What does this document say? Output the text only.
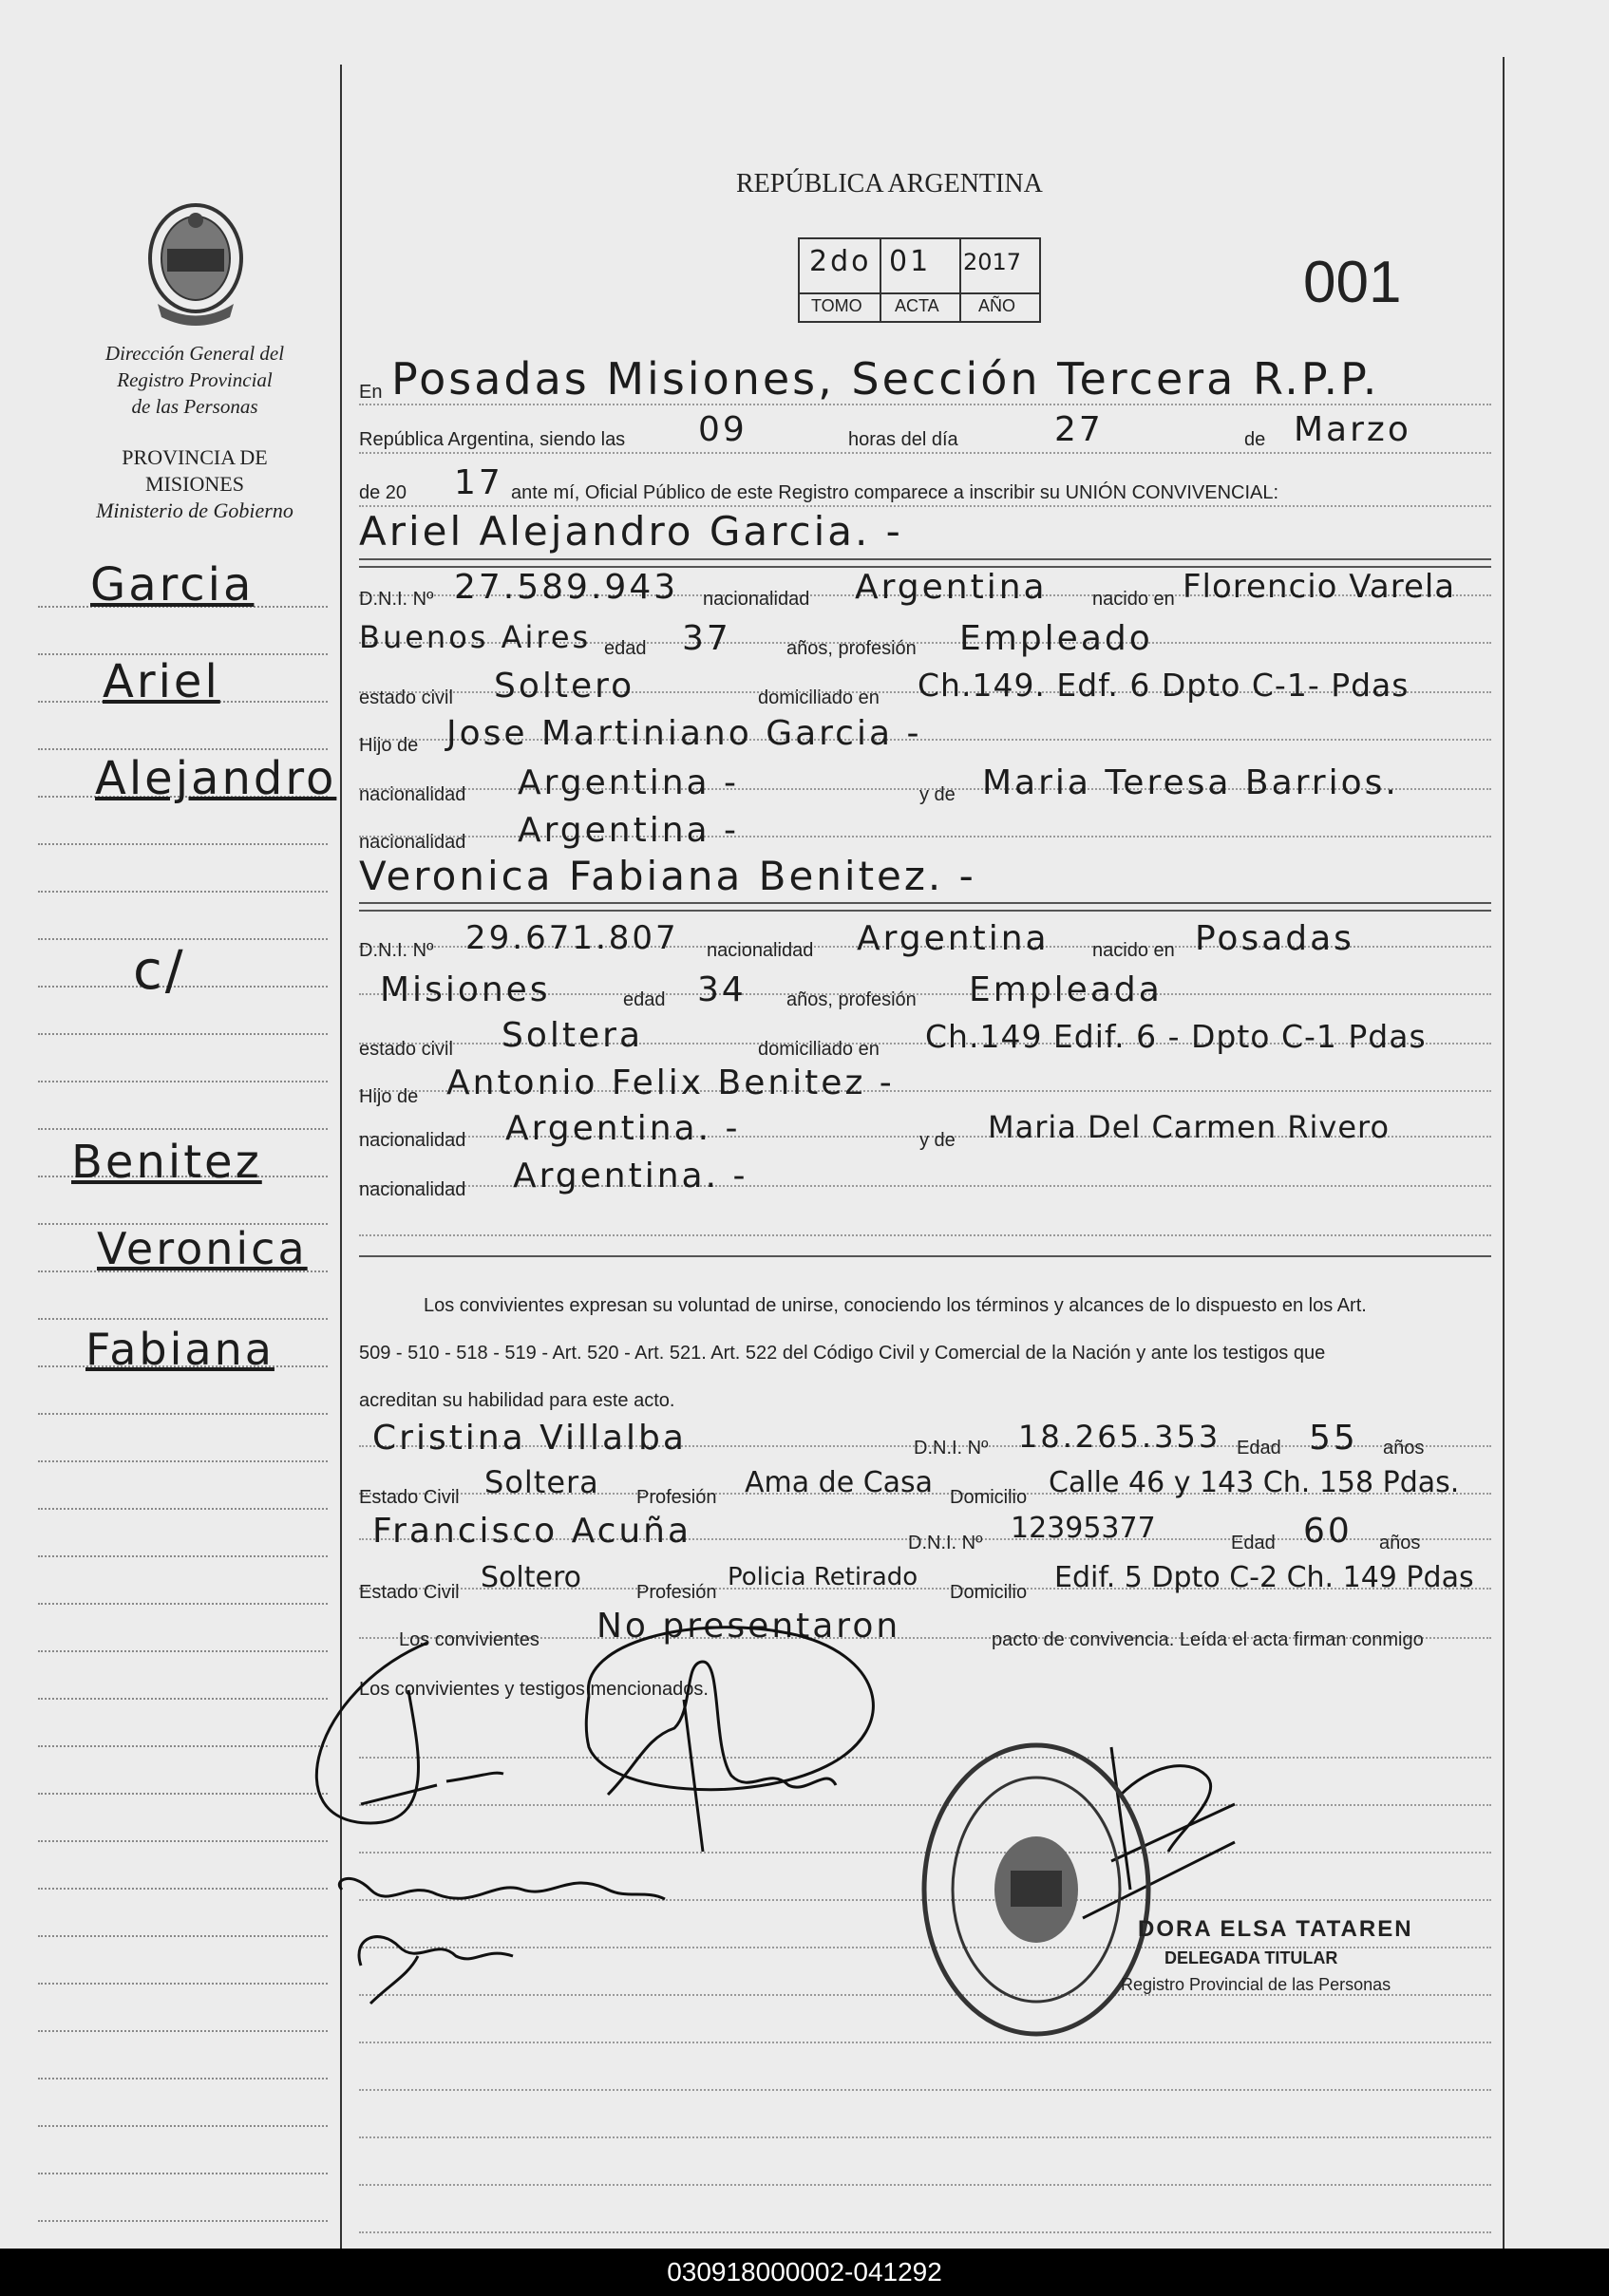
REPÚBLICA ARGENTINA
2do 01 2017
TOMO ACTA AÑO	001
Dirección General del
Registro Provincial
de las Personas
PROVINCIA DE
MISIONES
Ministerio de Gobierno
Garcia
Ariel
Alejandro
c/
Benitez
Veronica
Fabiana
En Posadas Misiones, Sección Tercera R.P.P.
República Argentina, siendo las 09	horas del día	27	de Marzo
de 20 17 ante mí, Oficial Público de este Registro comparece a inscribir su UNIÓN CONVIVENCIAL:
Ariel Alejandro Garcia. -
D.N.I. Nº 27.589.943 nacionalidad Argentina nacido en Florencio Varela
Buenos Aires edad 37	años, profesión Empleado
estado civil Soltero	domiciliado en Ch.149. Edf. 6 Dpto C-1- Pdas
Hijo de Jose Martiniano Garcia -
nacionalidad Argentina -	y de Maria Teresa Barrios.
nacionalidad Argentina -
Veronica Fabiana Benitez. -
D.N.I. Nº 29.671.807 nacionalidad Argentina nacido en Posadas
Misiones	edad 34 años, profesión Empleada
estado civil Soltera	domiciliado en Ch.149 Edif. 6 - Dpto C-1 Pdas
Hijo de Antonio Felix Benitez -
nacionalidad Argentina. -	y de Maria Del Carmen Rivero
nacionalidad Argentina. -
Los convivientes expresan su voluntad de unirse, conociendo los términos y alcances de lo dispuesto en los Art.
509 - 510 - 518 - 519 - Art. 520 - Art. 521. Art. 522 del Código Civil y Comercial de la Nación y ante los testigos que
acreditan su habilidad para este acto.
Cristina Villalba	D.N.I. Nº 18.265.353 Edad 55 años
Estado Civil Soltera Profesión Ama de Casa Domicilio Calle 46 y 143 Ch. 158 Pdas.
Francisco Acuña	D.N.I. Nº 12395377	Edad 60 años
Estado Civil Soltero	Profesión
Policia Retirado
Domicilio Edif. 5 Dpto C-2 Ch. 149 Pdas
Los convivientes No presentaron	pacto de convivencia. Leída el acta firman conmigo
Los convivientes y testigos mencionados.
DORA ELSA TATAREN
DELEGADA TITULAR
Registro Provincial de las Personas
030918000002-041292
